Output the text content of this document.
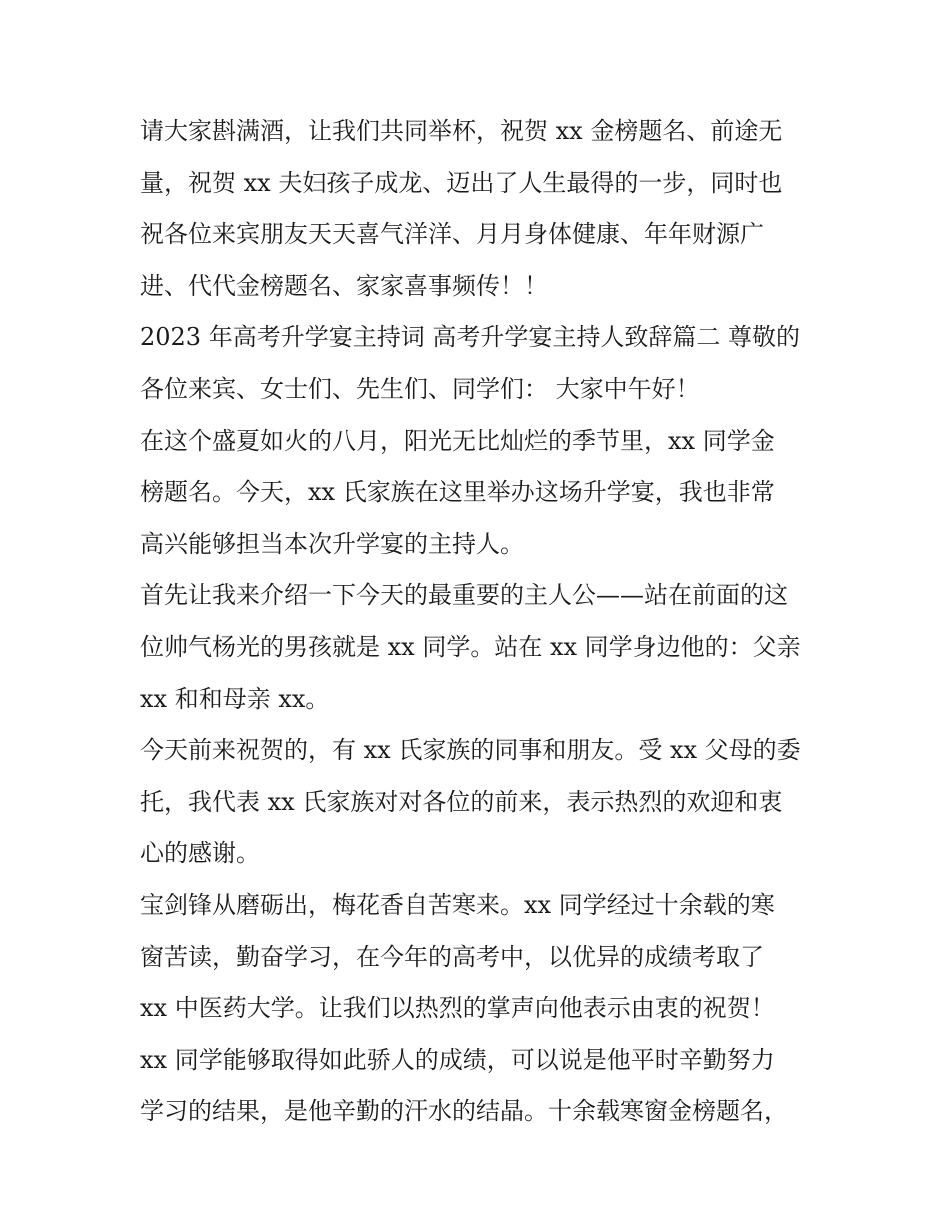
请大家斟满酒，让我们共同举杯，祝贺 xx 金榜题名、前途无
量，祝贺 xx 夫妇孩子成龙、迈出了人生最得的一步，同时也
祝各位来宾朋友天天喜气洋洋、月月身体健康、年年财源广
进、代代金榜题名、家家喜事频传！！
2023 年高考升学宴主持词 高考升学宴主持人致辞篇二 尊敬的
各位来宾、女士们、先生们、同学们： 大家中午好！
在这个盛夏如火的八月，阳光无比灿烂的季节里，xx 同学金
榜题名。今天，xx 氏家族在这里举办这场升学宴，我也非常
高兴能够担当本次升学宴的主持人。
首先让我来介绍一下今天的最重要的主人公——站在前面的这
位帅气杨光的男孩就是 xx 同学。站在 xx 同学身边他的：父亲
xx 和和母亲 xx。
今天前来祝贺的，有 xx 氏家族的同事和朋友。受 xx 父母的委
托，我代表 xx 氏家族对对各位的前来，表示热烈的欢迎和衷
心的感谢。
宝剑锋从磨砺出，梅花香自苦寒来。xx 同学经过十余载的寒
窗苦读，勤奋学习，在今年的高考中，以优异的成绩考取了
xx 中医药大学。让我们以热烈的掌声向他表示由衷的祝贺！
xx 同学能够取得如此骄人的成绩，可以说是他平时辛勤努力
学习的结果，是他辛勤的汗水的结晶。十余载寒窗金榜题名，
